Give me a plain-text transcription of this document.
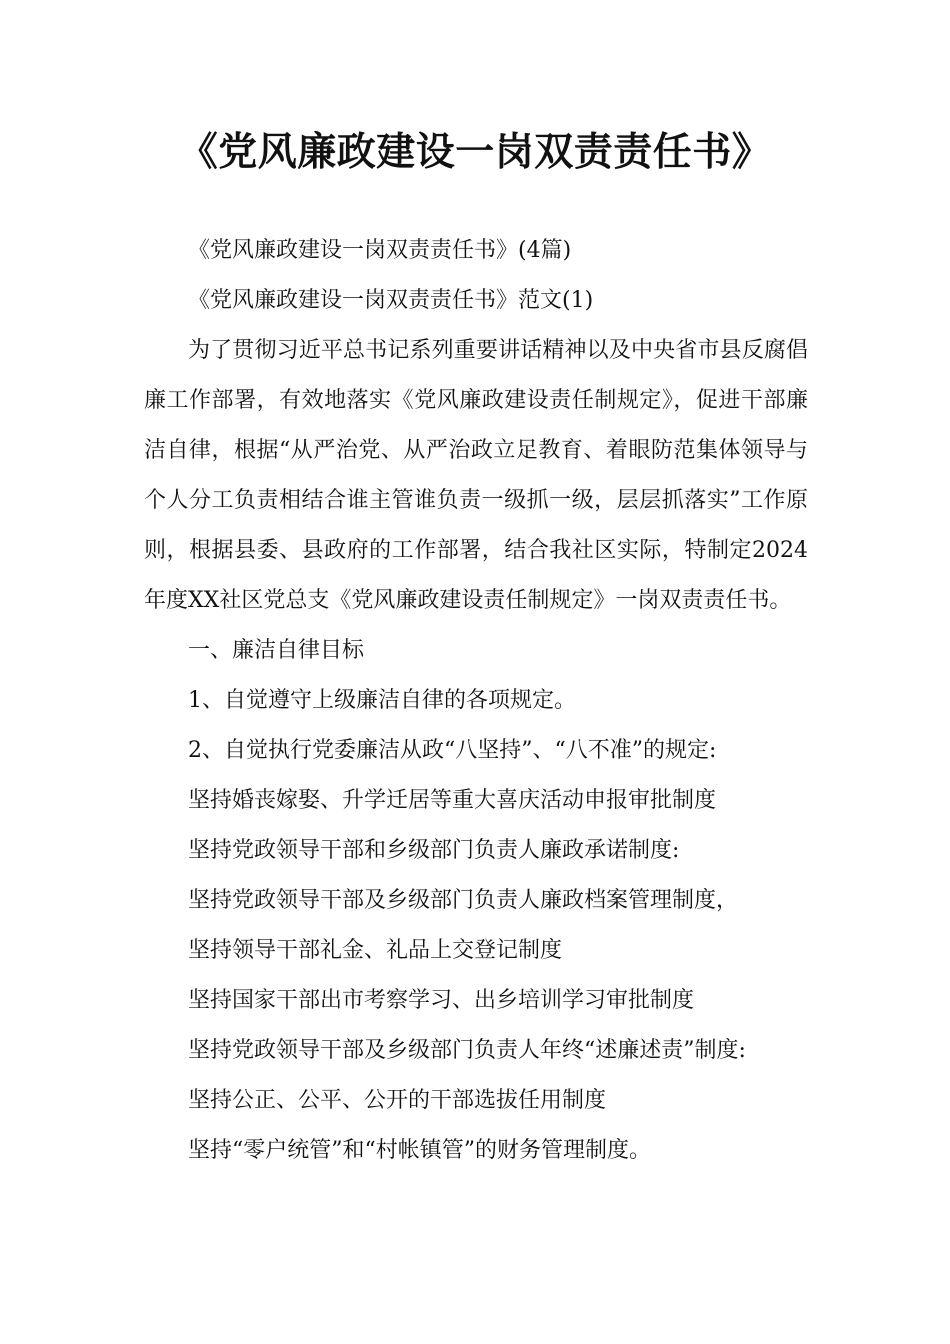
《党风廉政建设一岗双责责任书》

《党风廉政建设一岗双责责任书》(4篇)

《党风廉政建设一岗双责责任书》范文(1)

为了贯彻习近平总书记系列重要讲话精神以及中央省市县反腐倡廉工作部署，有效地落实《党风廉政建设责任制规定》，促进干部廉洁自律，根据“从严治党、从严治政立足教育、着眼防范集体领导与个人分工负责相结合谁主管谁负责一级抓一级，层层抓落实”工作原则，根据县委、县政府的工作部署，结合我社区实际，特制定2024年度XX社区党总支《党风廉政建设责任制规定》一岗双责责任书。

一、廉洁自律目标

1、自觉遵守上级廉洁自律的各项规定。

2、自觉执行党委廉洁从政“八坚持”、“八不准”的规定:

坚持婚丧嫁娶、升学迁居等重大喜庆活动申报审批制度

坚持党政领导干部和乡级部门负责人廉政承诺制度:

坚持党政领导干部及乡级部门负责人廉政档案管理制度，

坚持领导干部礼金、礼品上交登记制度

坚持国家干部出市考察学习、出乡培训学习审批制度

坚持党政领导干部及乡级部门负责人年终“述廉述责”制度:

坚持公正、公平、公开的干部选拔任用制度

坚持“零户统管”和“村帐镇管”的财务管理制度。
